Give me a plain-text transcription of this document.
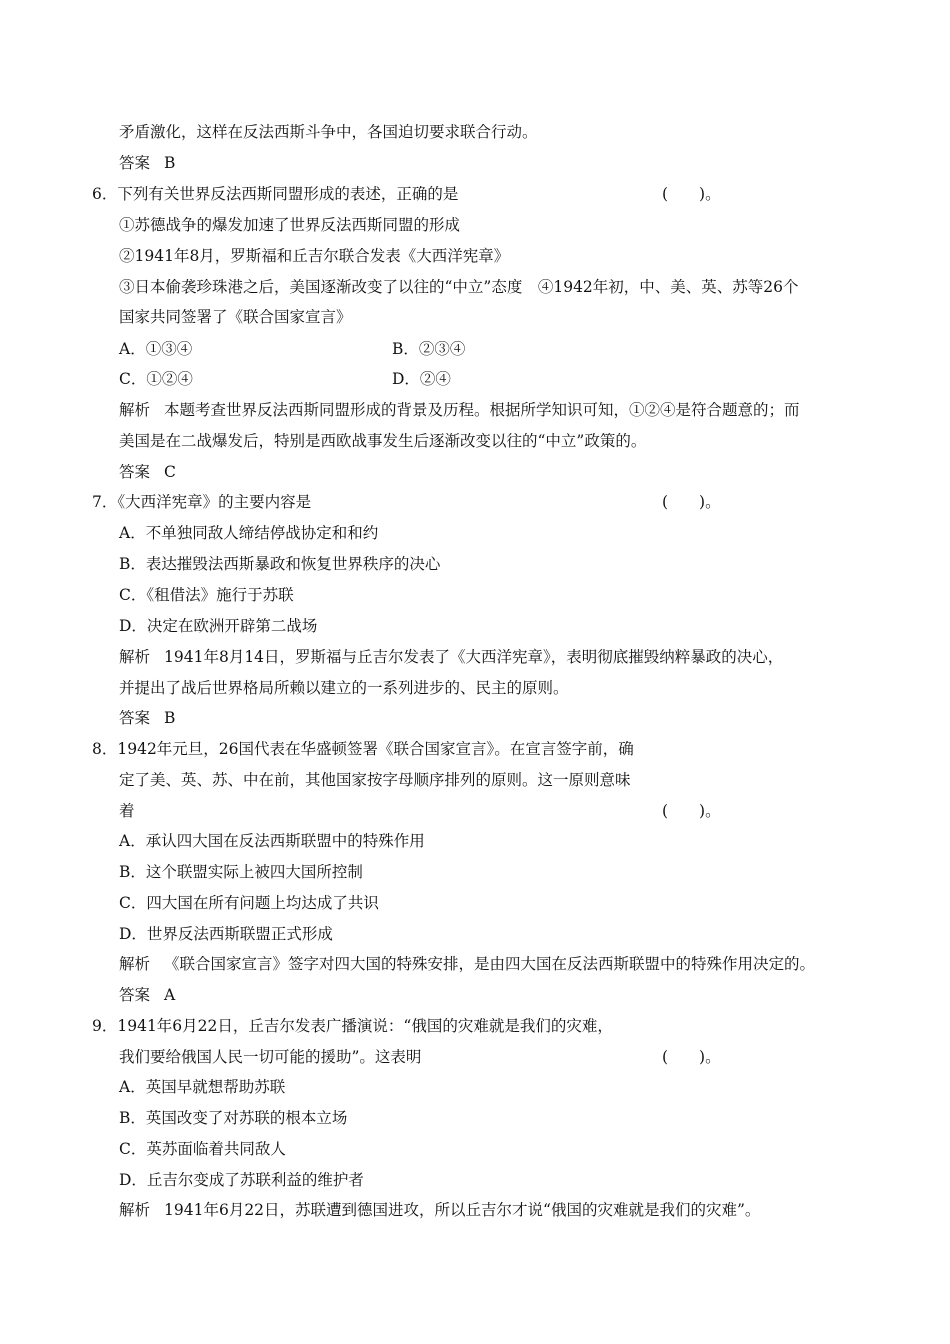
矛盾激化，这样在反法西斯斗争中，各国迫切要求联合行动。
答案 B
6．下列有关世界反法西斯同盟形成的表述，正确的是	(　　)。
①苏德战争的爆发加速了世界反法西斯同盟的形成
②1941年8月，罗斯福和丘吉尔联合发表《大西洋宪章》
③日本偷袭珍珠港之后，美国逐渐改变了以往的“中立”态度　④1942年初，中、美、英、苏等26个
国家共同签署了《联合国家宣言》
A．①③④	B．②③④
C．①②④	D．②④
解析 本题考查世界反法西斯同盟形成的背景及历程。根据所学知识可知，①②④是符合题意的；而
美国是在二战爆发后，特别是西欧战事发生后逐渐改变以往的“中立”政策的。
答案 C
7．《大西洋宪章》的主要内容是	(　　)。
A．不单独同敌人缔结停战协定和和约
B．表达摧毁法西斯暴政和恢复世界秩序的决心
C．《租借法》施行于苏联
D．决定在欧洲开辟第二战场
解析 1941年8月14日，罗斯福与丘吉尔发表了《大西洋宪章》，表明彻底摧毁纳粹暴政的决心，
并提出了战后世界格局所赖以建立的一系列进步的、民主的原则。
答案 B
8．1942年元旦，26国代表在华盛顿签署《联合国家宣言》。在宣言签字前，确
定了美、英、苏、中在前，其他国家按字母顺序排列的原则。这一原则意味
着	(　　)。
A．承认四大国在反法西斯联盟中的特殊作用
B．这个联盟实际上被四大国所控制
C．四大国在所有问题上均达成了共识
D．世界反法西斯联盟正式形成
解析 《联合国家宣言》签字对四大国的特殊安排，是由四大国在反法西斯联盟中的特殊作用决定的。
答案 A
9．1941年6月22日，丘吉尔发表广播演说：“俄国的灾难就是我们的灾难，
我们要给俄国人民一切可能的援助”。这表明	(　　)。
A．英国早就想帮助苏联
B．英国改变了对苏联的根本立场
C．英苏面临着共同敌人
D．丘吉尔变成了苏联利益的维护者
解析 1941年6月22日，苏联遭到德国进攻，所以丘吉尔才说“俄国的灾难就是我们的灾难”。
